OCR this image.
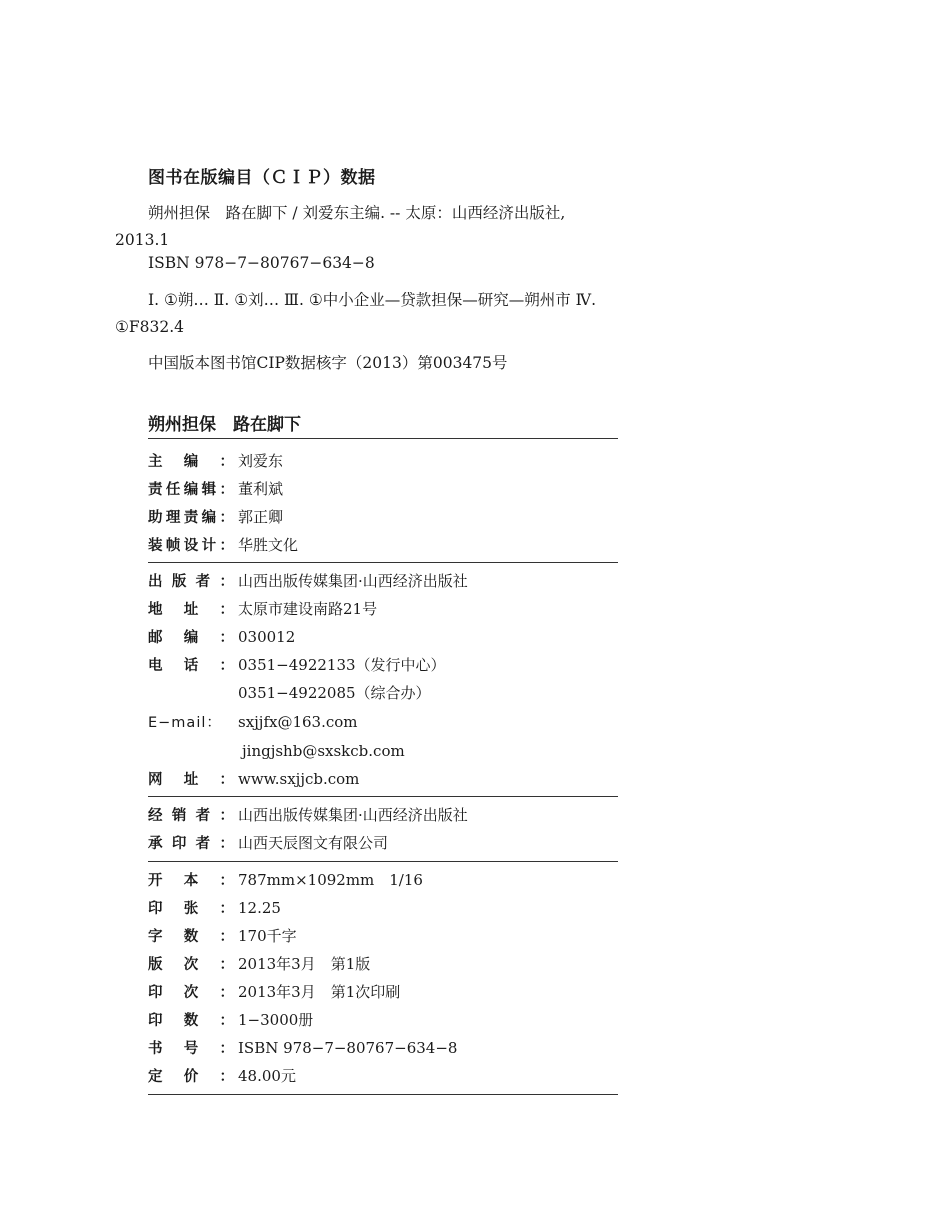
图书在版编目（ＣＩＰ）数据
朔州担保　路在脚下 / 刘爱东主编. -- 太原：山西经济出版社, 2013.1
ISBN 978−7−80767−634−8
Ⅰ. ①朔… Ⅱ. ①刘… Ⅲ. ①中小企业—贷款担保—研究—朔州市 Ⅳ. ①F832.4
中国版本图书馆CIP数据核字（2013）第003475号
朔州担保　路在脚下
主编： 刘爱东
责任编辑： 董利斌
助理责编： 郭正卿
装帧设计： 华胜文化
出版者： 山西出版传媒集团·山西经济出版社
地址： 太原市建设南路21号
邮编： 030012
电话： 0351−4922133（发行中心）
0351−4922085（综合办）
E−mail： sxjjfx@163.com
jingjshb@sxskcb.com
网址： www.sxjjcb.com
经销者： 山西出版传媒集团·山西经济出版社
承印者： 山西天辰图文有限公司
开本： 787mm×1092mm　1/16
印张： 12.25
字数： 170千字
版次： 2013年3月　第1版
印次： 2013年3月　第1次印刷
印数： 1−3000册
书号： ISBN 978−7−80767−634−8
定价： 48.00元
